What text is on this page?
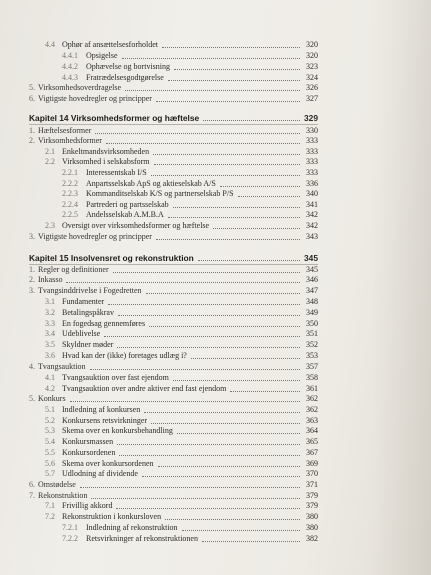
4.4 Ophør af ansættelsesforholdet	320
4.4.1	Opsigelse	320
4.4.2	Ophævelse og bortvisning	323
4.4.3	Fratrædelsesgodtgørelse	324
5. Virksomhedsoverdragelse	326
6. Vigtigste hovedregler og principper	327
Kapitel 14 Virksomhedsformer og hæftelse	329
1. Hæftelsesformer	330
2. Virksomhedsformer	333
2.1 Enkeltmandsvirksomheden	333
2.2 Virksomhed i selskabsform	333
2.2.1	Interessentskab I/S	333
2.2.2	Anpartsselskab ApS og aktieselskab A/S	336
2.2.3	Kommanditselskab K/S og partnerselskab P/S	340
2.2.4	Partrederi og partsselskab	341
2.2.5	Andelsselskab A.M.B.A	342
2.3 Oversigt over virksomhedsformer og hæftelse	342
3. Vigtigste hovedregler og principper	343
Kapitel 15 Insolvensret og rekonstruktion	345
1. Regler og definitioner	345
2. Inkasso	346
3. Tvangsinddrivelse i Fogedretten	347
3.1 Fundamenter	348
3.2 Betalingspåkrav	349
3.3 En fogedsag gennemføres	350
3.4 Udeblivelse	351
3.5 Skyldner møder	352
3.6 Hvad kan der (ikke) foretages udlæg i?	353
4. Tvangsauktion	357
4.1 Tvangsauktion over fast ejendom	358
4.2 Tvangsauktion over andre aktiver end fast ejendom	361
5. Konkurs	362
5.1 Indledning af konkursen	362
5.2 Konkursens retsvirkninger	363
5.3 Skema over en konkursbehandling	364
5.4 Konkursmassen	365
5.5 Konkursordenen	367
5.6 Skema over konkursordenen	369
5.7 Udlodning af dividende	370
6. Omstødelse	371
7. Rekonstruktion	379
7.1 Frivillig akkord	379
7.2 Rekonstruktion i konkursloven	380
7.2.1	Indledning af rekonstruktion	380
7.2.2	Retsvirkninger af rekonstruktionen	382
